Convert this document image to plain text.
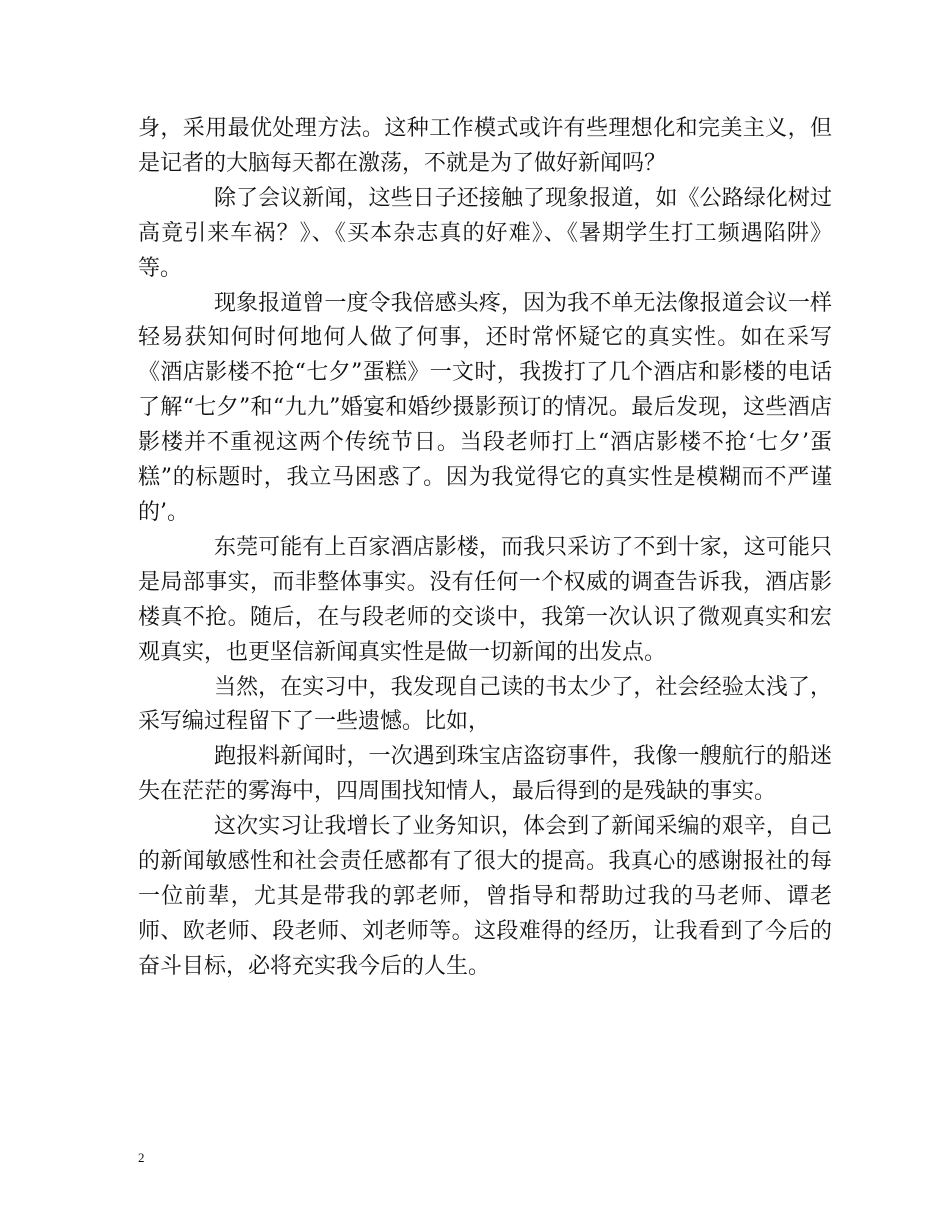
身，采用最优处理方法。这种工作模式或许有些理想化和完美主义，但是记者的大脑每天都在激荡，不就是为了做好新闻吗？

除了会议新闻，这些日子还接触了现象报道，如《公路绿化树过高竟引来车祸？》、《买本杂志真的好难》、《暑期学生打工频遇陷阱》等。

现象报道曾一度令我倍感头疼，因为我不单无法像报道会议一样轻易获知何时何地何人做了何事，还时常怀疑它的真实性。如在采写《酒店影楼不抢“七夕”蛋糕》一文时，我拨打了几个酒店和影楼的电话了解“七夕”和“九九”婚宴和婚纱摄影预订的情况。最后发现，这些酒店影楼并不重视这两个传统节日。当段老师打上“酒店影楼不抢‘七夕’蛋糕”的标题时，我立马困惑了。因为我觉得它的真实性是模糊而不严谨的’。

东莞可能有上百家酒店影楼，而我只采访了不到十家，这可能只是局部事实，而非整体事实。没有任何一个权威的调查告诉我，酒店影楼真不抢。随后，在与段老师的交谈中，我第一次认识了微观真实和宏观真实，也更坚信新闻真实性是做一切新闻的出发点。

当然，在实习中，我发现自己读的书太少了，社会经验太浅了，采写编过程留下了一些遗憾。比如，

跑报料新闻时，一次遇到珠宝店盗窃事件，我像一艘航行的船迷失在茫茫的雾海中，四周围找知情人，最后得到的是残缺的事实。

这次实习让我增长了业务知识，体会到了新闻采编的艰辛，自己的新闻敏感性和社会责任感都有了很大的提高。我真心的感谢报社的每一位前辈，尤其是带我的郭老师，曾指导和帮助过我的马老师、谭老师、欧老师、段老师、刘老师等。这段难得的经历，让我看到了今后的奋斗目标，必将充实我今后的人生。

2
